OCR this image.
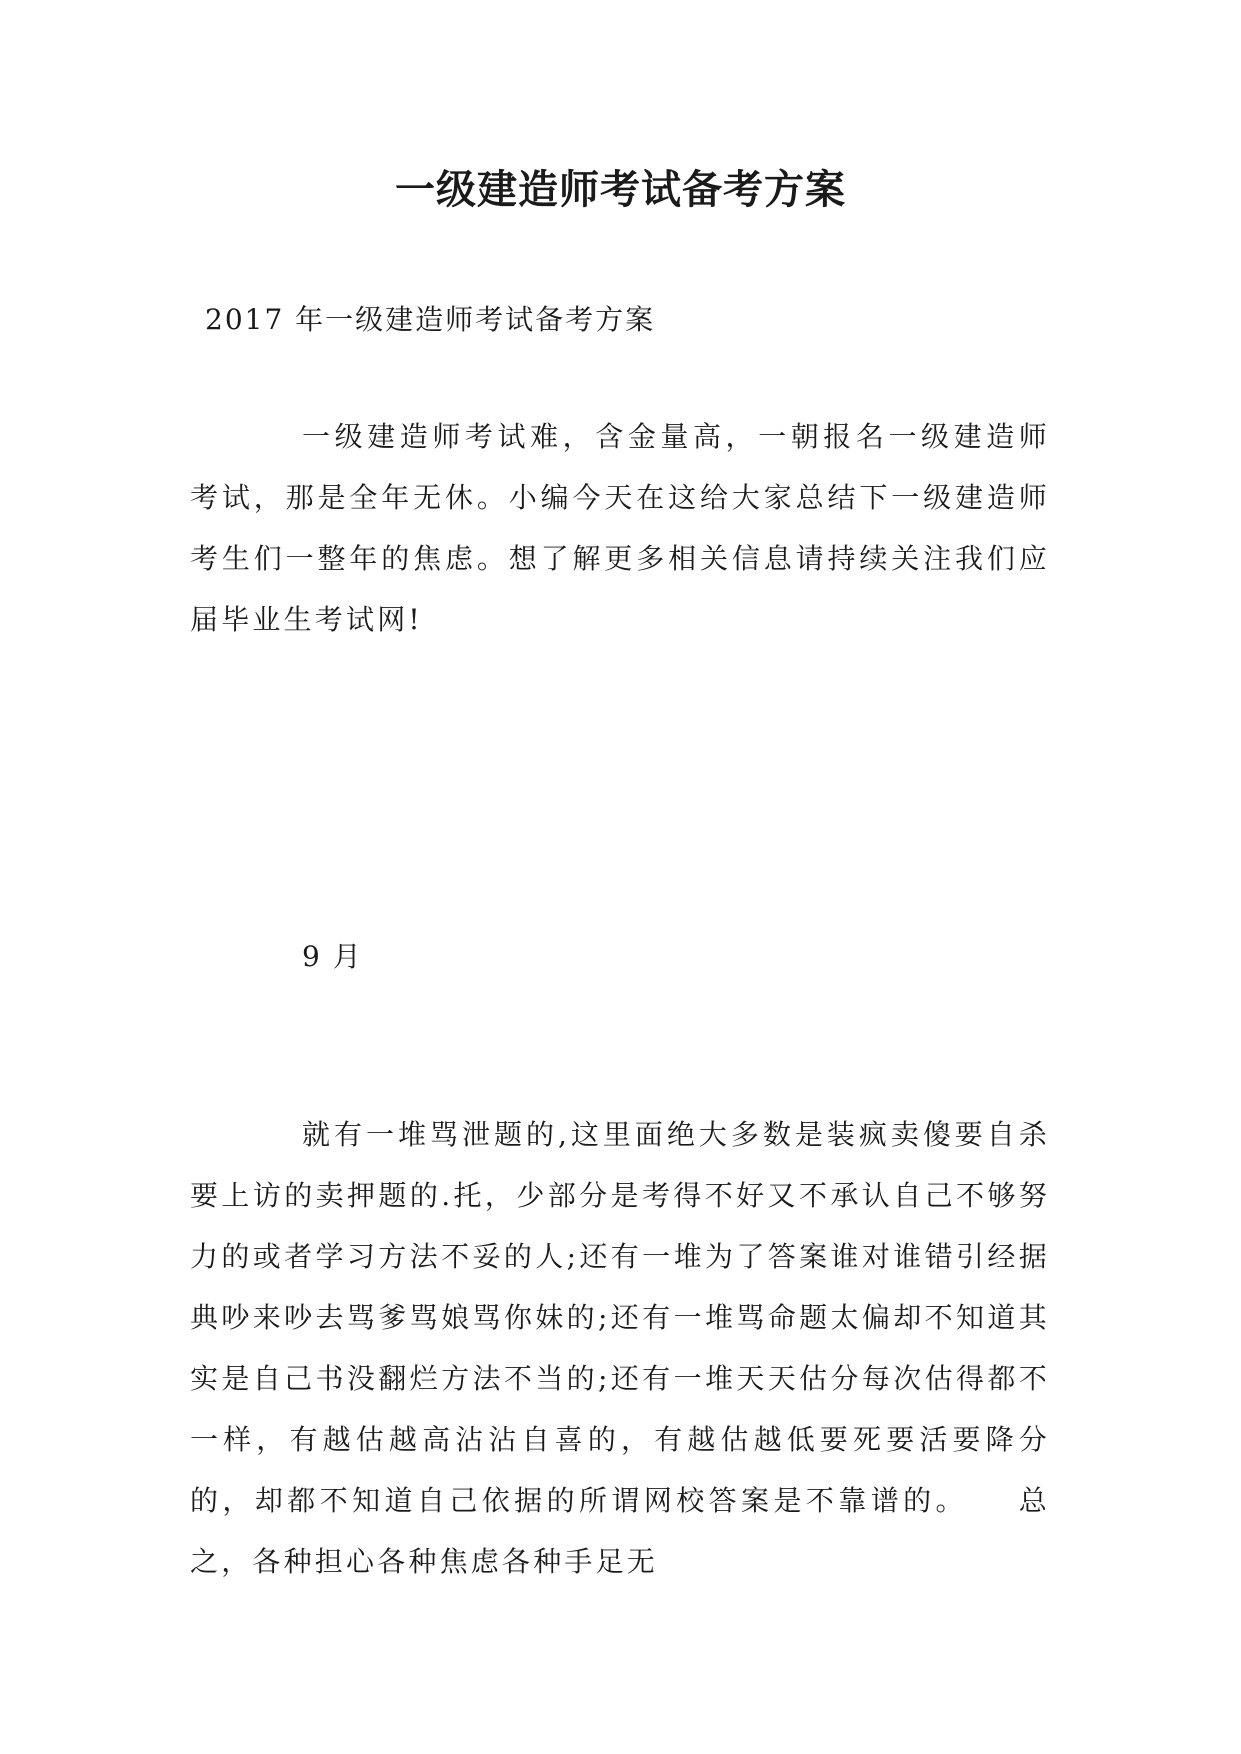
一级建造师考试备考方案

2017 年一级建造师考试备考方案

一级建造师考试难，含金量高，一朝报名一级建造师考试，那是全年无休。小编今天在这给大家总结下一级建造师考生们一整年的焦虑。想了解更多相关信息请持续关注我们应届毕业生考试网!

9 月

就有一堆骂泄题的,这里面绝大多数是装疯卖傻要自杀要上访的卖押题的.托，少部分是考得不好又不承认自己不够努力的或者学习方法不妥的人;还有一堆为了答案谁对谁错引经据典吵来吵去骂爹骂娘骂你妹的;还有一堆骂命题太偏却不知道其实是自己书没翻烂方法不当的;还有一堆天天估分每次估得都不一样，有越估越高沾沾自喜的，有越估越低要死要活要降分的，却都不知道自己依据的所谓网校答案是不靠谱的。　　总之，各种担心各种焦虑各种手足无
